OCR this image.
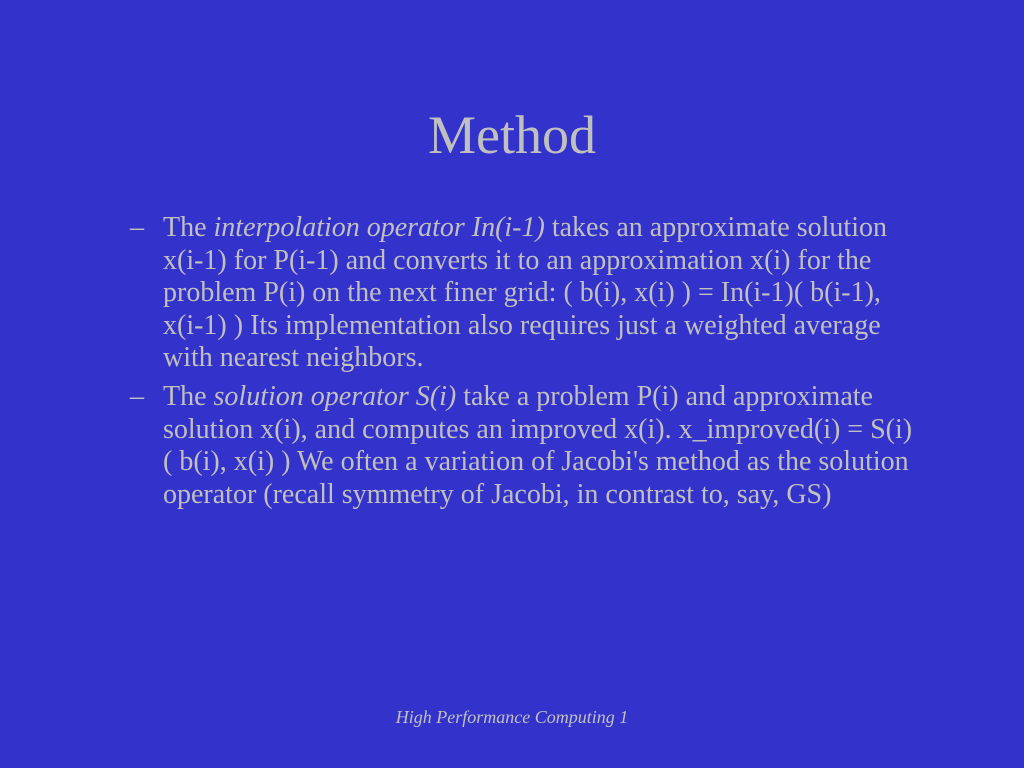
Method
– The interpolation operator In(i-1) takes an approximate solution x(i-1) for P(i-1) and converts it to an approximation x(i) for the problem P(i) on the next finer grid: ( b(i), x(i) ) = In(i-1)( b(i-1), x(i-1) ) Its implementation also requires just a weighted average with nearest neighbors.
– The solution operator S(i) take a problem P(i) and approximate solution x(i), and computes an improved x(i). x_improved(i) = S(i)( b(i), x(i) ) We often a variation of Jacobi's method as the solution operator (recall symmetry of Jacobi, in contrast to, say, GS)
High Performance Computing 1
